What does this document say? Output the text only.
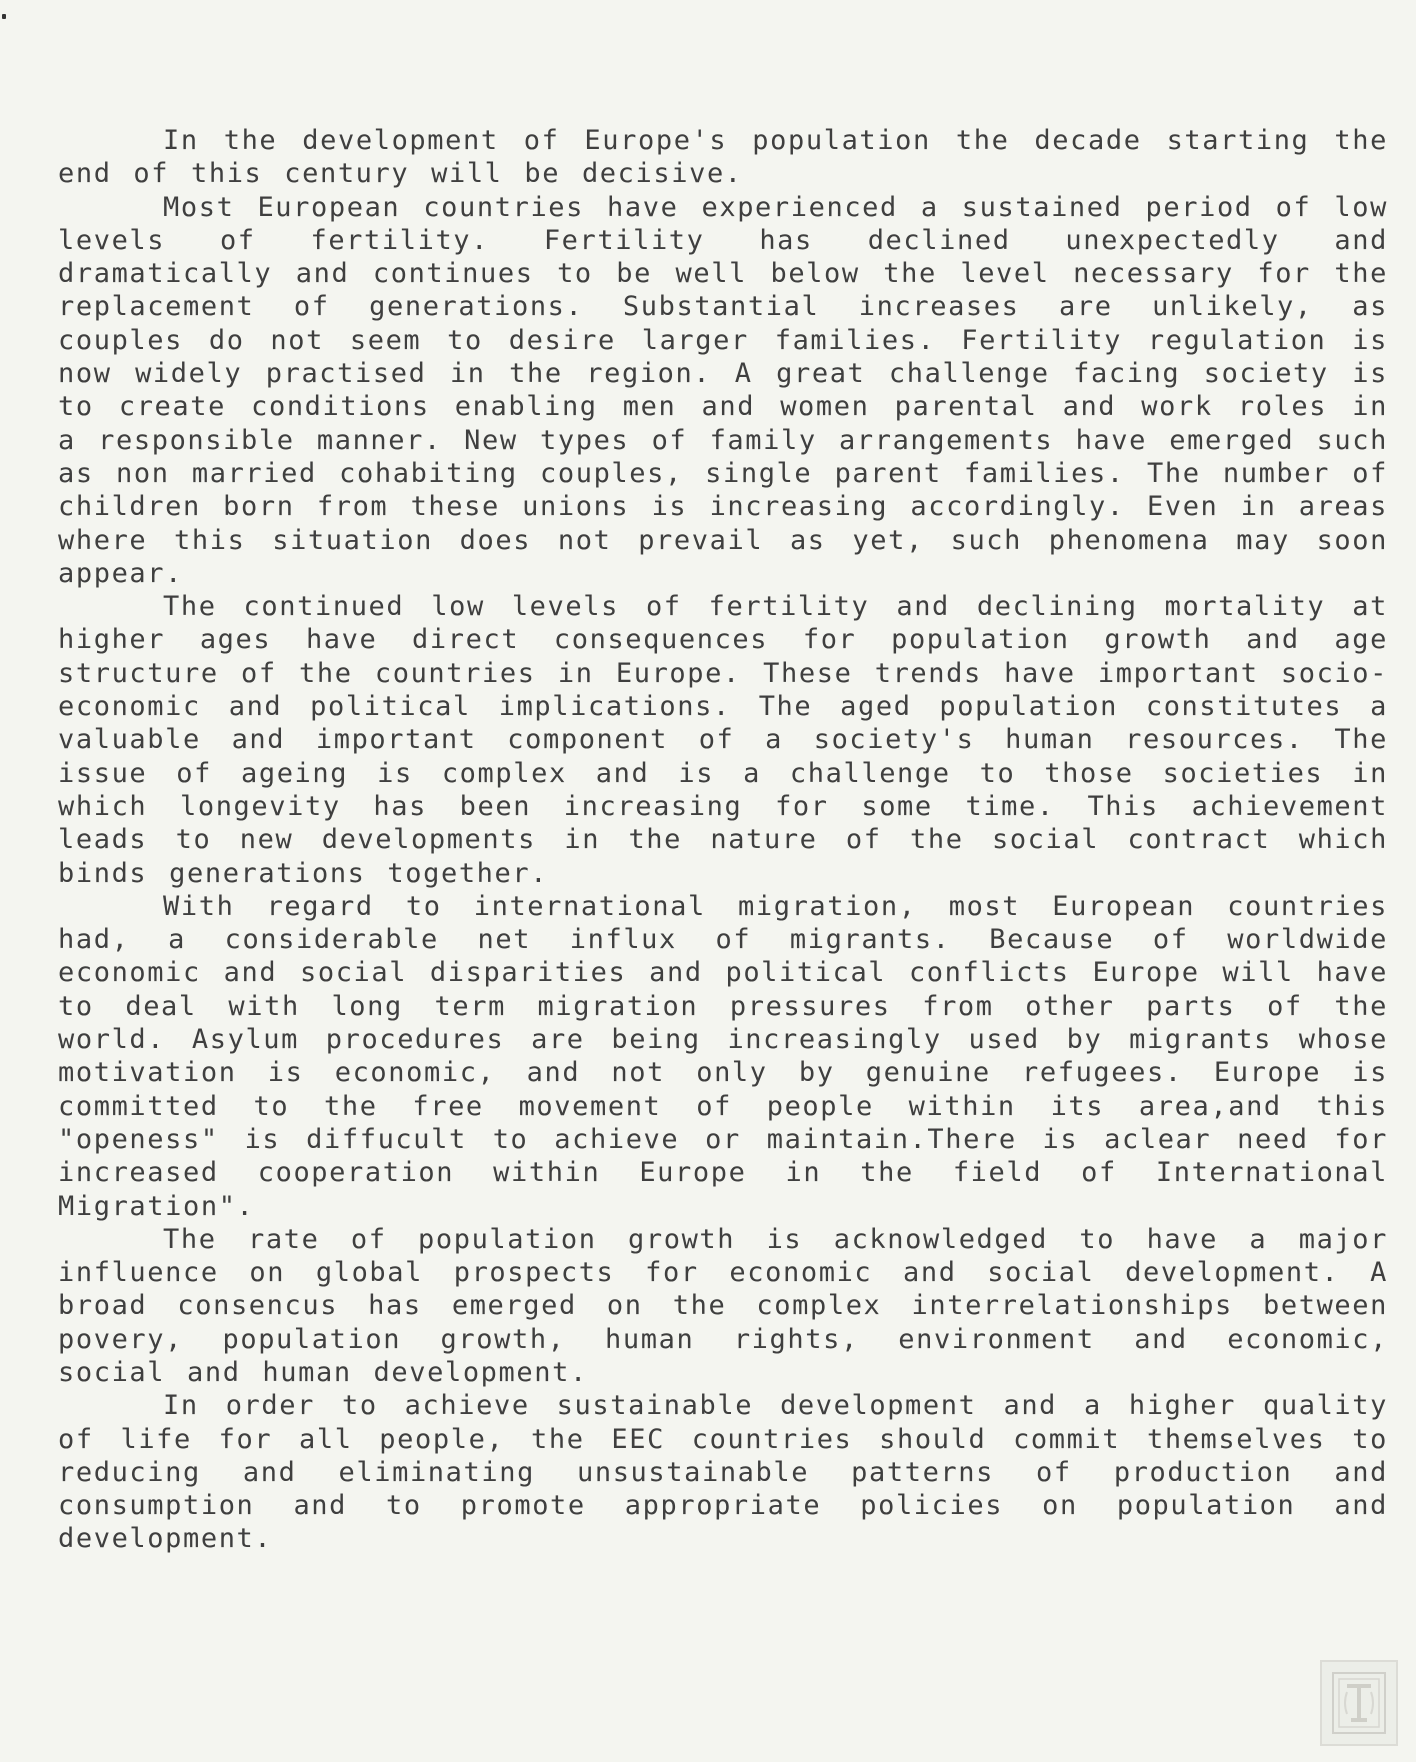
In the development of Europe's population the decade starting the end of this century will be decisive.

Most European countries have experienced a sustained period of low levels of fertility. Fertility has declined unexpectedly and dramatically and continues to be well below the level necessary for the replacement of generations. Substantial increases are unlikely, as couples do not seem to desire larger families. Fertility regulation is now widely practised in the region. A great challenge facing society is to create conditions enabling men and women parental and work roles in a responsible manner. New types of family arrangements have emerged such as non married cohabiting couples, single parent families. The number of children born from these unions is increasing accordingly. Even in areas where this situation does not prevail as yet, such phenomena may soon appear.

The continued low levels of fertility and declining mortality at higher ages have direct consequences for population growth and age structure of the countries in Europe. These trends have important socio-economic and political implications. The aged population constitutes a valuable and important component of a society's human resources. The issue of ageing is complex and is a challenge to those societies in which longevity has been increasing for some time. This achievement leads to new developments in the nature of the social contract which binds generations together.

With regard to international migration, most European countries had, a considerable net influx of migrants. Because of worldwide economic and social disparities and political conflicts Europe will have to deal with long term migration pressures from other parts of the world. Asylum procedures are being increasingly used by migrants whose motivation is economic, and not only by genuine refugees. Europe is committed to the free movement of people within its area,and this "openess" is diffucult to achieve or maintain.There is aclear need for increased cooperation within Europe in the field of International Migration".

The rate of population growth is acknowledged to have a major influence on global prospects for economic and social development. A broad consencus has emerged on the complex interrelationships between povery, population growth, human rights, environment and economic, social and human development.

In order to achieve sustainable development and a higher quality of life for all people, the EEC countries should commit themselves to reducing and eliminating unsustainable patterns of production and consumption and to promote appropriate policies on population and development.
